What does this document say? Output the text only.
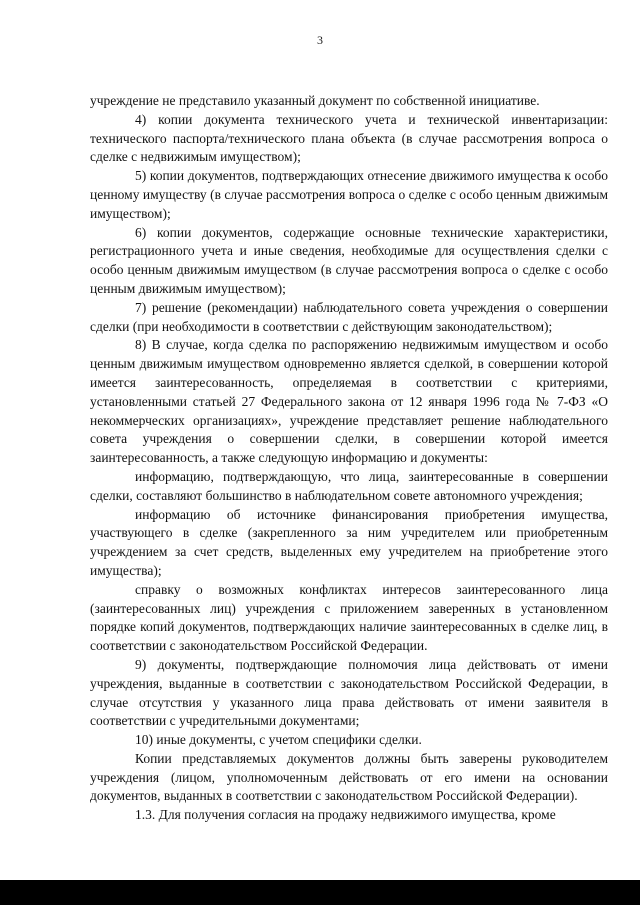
3

учреждение не представило указанный документ по собственной инициативе.

4) копии документа технического учета и технической инвентаризации: технического паспорта/технического плана объекта (в случае рассмотрения вопроса о сделке с недвижимым имуществом);

5) копии документов, подтверждающих отнесение движимого имущества к особо ценному имуществу (в случае рассмотрения вопроса о сделке с особо ценным движимым имуществом);

6) копии документов, содержащие основные технические характеристики, регистрационного учета и иные сведения, необходимые для осуществления сделки с особо ценным движимым имуществом (в случае рассмотрения вопроса о сделке с особо ценным движимым имуществом);

7) решение (рекомендации) наблюдательного совета учреждения о совершении сделки (при необходимости в соответствии с действующим законодательством);

8) В случае, когда сделка по распоряжению недвижимым имуществом и особо ценным движимым имуществом одновременно является сделкой, в совершении которой имеется заинтересованность, определяемая в соответствии с критериями, установленными статьей 27 Федерального закона от 12 января 1996 года № 7-ФЗ «О некоммерческих организациях», учреждение представляет решение наблюдательного совета учреждения о совершении сделки, в совершении которой имеется заинтересованность, а также следующую информацию и документы:

информацию, подтверждающую, что лица, заинтересованные в совершении сделки, составляют большинство в наблюдательном совете автономного учреждения;

информацию об источнике финансирования приобретения имущества, участвующего в сделке (закрепленного за ним учредителем или приобретенным учреждением за счет средств, выделенных ему учредителем на приобретение этого имущества);

справку о возможных конфликтах интересов заинтересованного лица (заинтересованных лиц) учреждения с приложением заверенных в установленном порядке копий документов, подтверждающих наличие заинтересованных в сделке лиц, в соответствии с законодательством Российской Федерации.

9) документы, подтверждающие полномочия лица действовать от имени учреждения, выданные в соответствии с законодательством Российской Федерации, в случае отсутствия у указанного лица права действовать от имени заявителя в соответствии с учредительными документами;

10) иные документы, с учетом специфики сделки.

Копии представляемых документов должны быть заверены руководителем учреждения (лицом, уполномоченным действовать от его имени на основании документов, выданных в соответствии с законодательством Российской Федерации).

1.3. Для получения согласия на продажу недвижимого имущества, кроме
